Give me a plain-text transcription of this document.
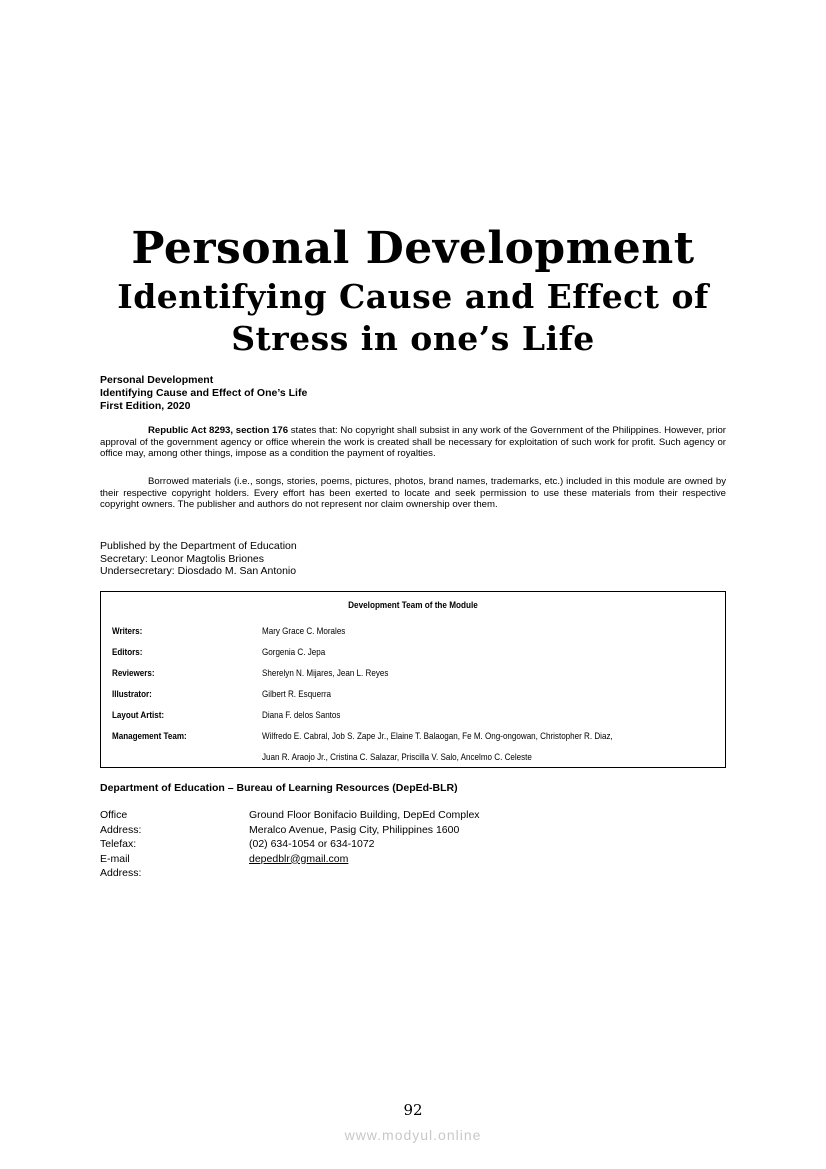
Personal Development
Identifying Cause and Effect of
Stress in one’s Life
Personal Development
Identifying Cause and Effect of One’s Life
First Edition, 2020
Republic Act 8293, section 176 states that: No copyright shall subsist in any work of the Government of the Philippines. However, prior approval of the government agency or office wherein the work is created shall be necessary for exploitation of such work for profit. Such agency or office may, among other things, impose as a condition the payment of royalties.
Borrowed materials (i.e., songs, stories, poems, pictures, photos, brand names, trademarks, etc.) included in this module are owned by their respective copyright holders. Every effort has been exerted to locate and seek permission to use these materials from their respective copyright owners. The publisher and authors do not represent nor claim ownership over them.
Published by the Department of Education
Secretary: Leonor Magtolis Briones
Undersecretary: Diosdado M. San Antonio
Development Team of the Module
Writers:	Mary Grace C. Morales
Editors:	Gorgenia C. Jepa
Reviewers:	Sherelyn N. Mijares, Jean L. Reyes
Illustrator:	Gilbert R. Esquerra
Layout Artist:	Diana F. delos Santos
Management Team:	Wilfredo E. Cabral, Job S. Zape Jr., Elaine T. Balaogan, Fe M. Ong-ongowan, Christopher R. Diaz,
Juan R. Araojo Jr., Cristina C. Salazar, Priscilla V. Salo, Ancelmo C. Celeste
Department of Education – Bureau of Learning Resources (DepEd-BLR)
Office Address:
Ground Floor Bonifacio Building, DepEd Complex
Meralco Avenue, Pasig City, Philippines 1600
Telefax:	(02) 634-1054 or 634-1072
E-mail Address:
depedblr@gmail.com
92
www.modyul.online
